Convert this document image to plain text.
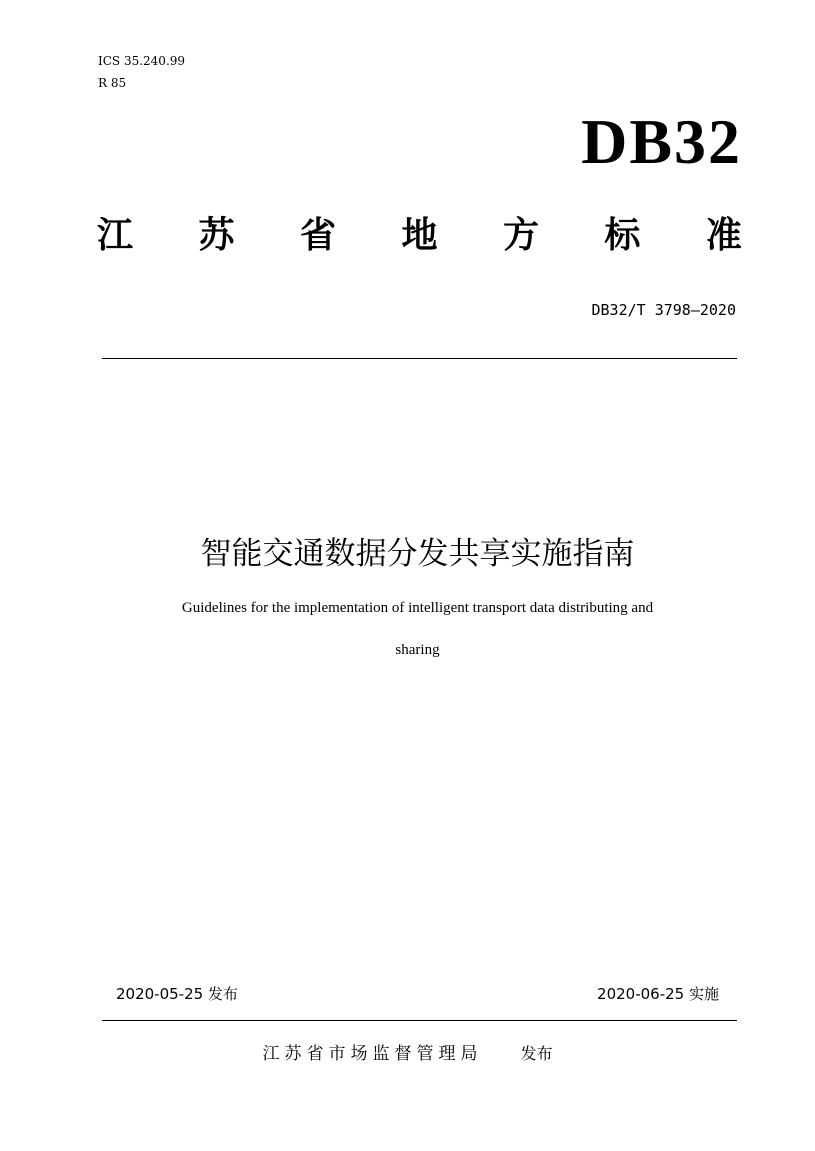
ICS 35.240.99
R 85
DB32
江 苏 省 地 方 标 准
DB32/T 3798—2020
智能交通数据分发共享实施指南
Guidelines for the implementation of intelligent transport data distributing and
sharing
2020-05-25 发布	2020-06-25 实施
江苏省市场监督管理局 发布
